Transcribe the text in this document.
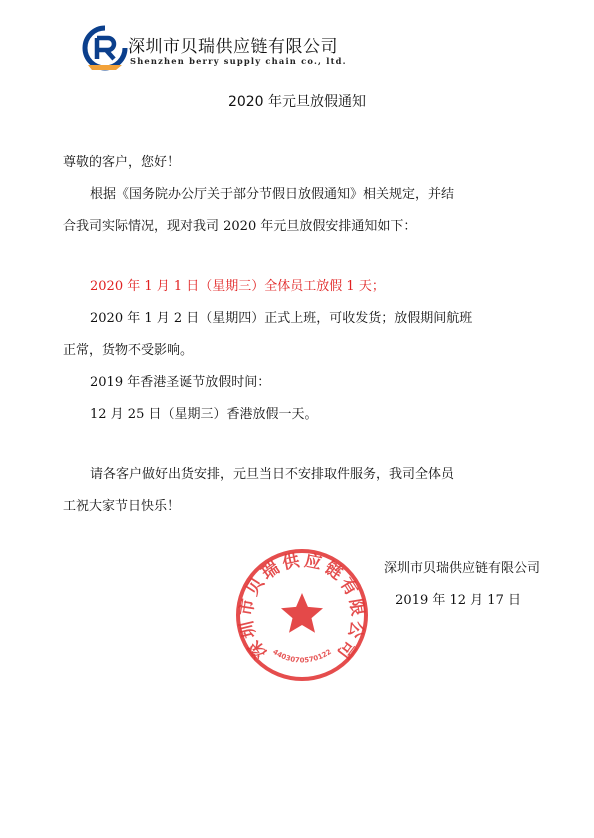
深圳市贝瑞供应链有限公司
Shenzhen berry supply chain co., ltd.
2020 年元旦放假通知
尊敬的客户，您好！
根据《国务院办公厅关于部分节假日放假通知》相关规定，并结
合我司实际情况，现对我司 2020 年元旦放假安排通知如下：
2020 年 1 月 1 日（星期三）全体员工放假 1 天；
2020 年 1 月 2 日（星期四）正式上班，可收发货；放假期间航班
正常，货物不受影响。
2019 年香港圣诞节放假时间：
12 月 25 日（星期三）香港放假一天。
请各客户做好出货安排，元旦当日不安排取件服务，我司全体员
工祝大家节日快乐！
深圳市贝瑞供应链有限公司
2019 年 12 月 17 日
深圳市贝瑞供应链有限公司
4403070570122
